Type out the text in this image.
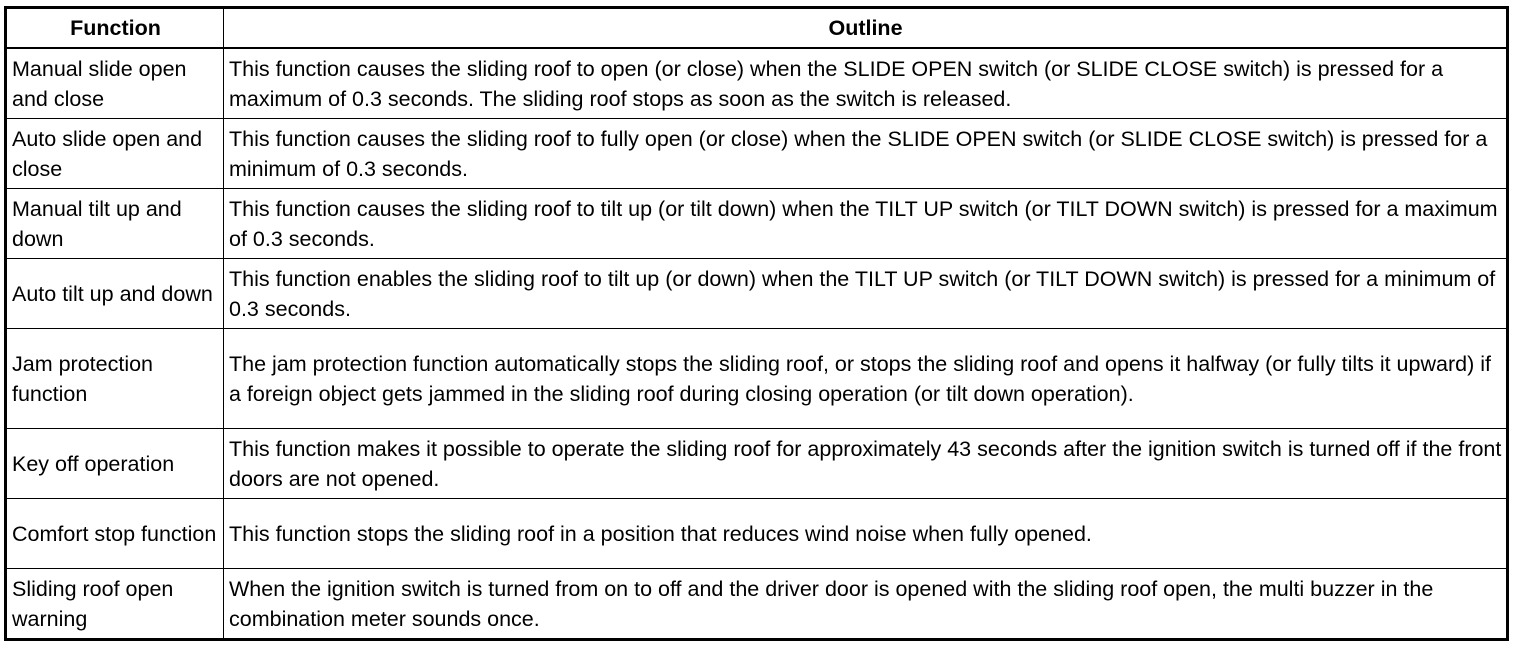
Function	Outline
Manual slide open and close	This function causes the sliding roof to open (or close) when the SLIDE OPEN switch (or SLIDE CLOSE switch) is pressed for a maximum of 0.3 seconds. The sliding roof stops as soon as the switch is released.
Auto slide open and close	This function causes the sliding roof to fully open (or close) when the SLIDE OPEN switch (or SLIDE CLOSE switch) is pressed for a minimum of 0.3 seconds.
Manual tilt up and down	This function causes the sliding roof to tilt up (or tilt down) when the TILT UP switch (or TILT DOWN switch) is pressed for a maximum of 0.3 seconds.
Auto tilt up and down	This function enables the sliding roof to tilt up (or down) when the TILT UP switch (or TILT DOWN switch) is pressed for a minimum of 0.3 seconds.
Jam protection function	The jam protection function automatically stops the sliding roof, or stops the sliding roof and opens it halfway (or fully tilts it upward) if a foreign object gets jammed in the sliding roof during closing operation (or tilt down operation).
Key off operation	This function makes it possible to operate the sliding roof for approximately 43 seconds after the ignition switch is turned off if the front doors are not opened.
Comfort stop function	This function stops the sliding roof in a position that reduces wind noise when fully opened.
Sliding roof open warning	When the ignition switch is turned from on to off and the driver door is opened with the sliding roof open, the multi buzzer in the combination meter sounds once.
